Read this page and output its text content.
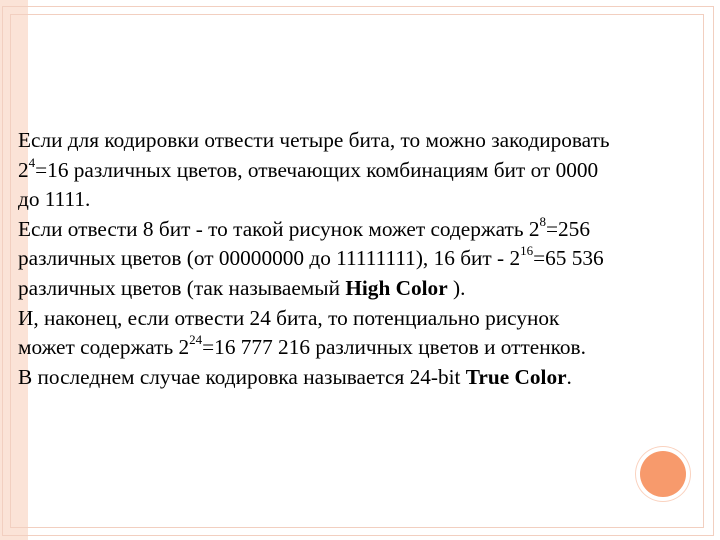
Если для кодировки отвести четыре бита, то можно закодировать
$2^4=16$ различных цветов, отвечающих комбинациям бит от 0000
до 1111.

Если отвести 8 бит - то такой рисунок может содержать $2^8=256$
различных цветов (от 00000000 до 11111111), 16 бит - $2^{16}=65$ 536
различных цветов (так называемый High Color ).

И, наконец, если отвести 24 бита, то потенциально рисунок
может содержать $2^{24}=16$ 777 216 различных цветов и оттенков.

В последнем случае кодировка называется 24-bit True Color.
